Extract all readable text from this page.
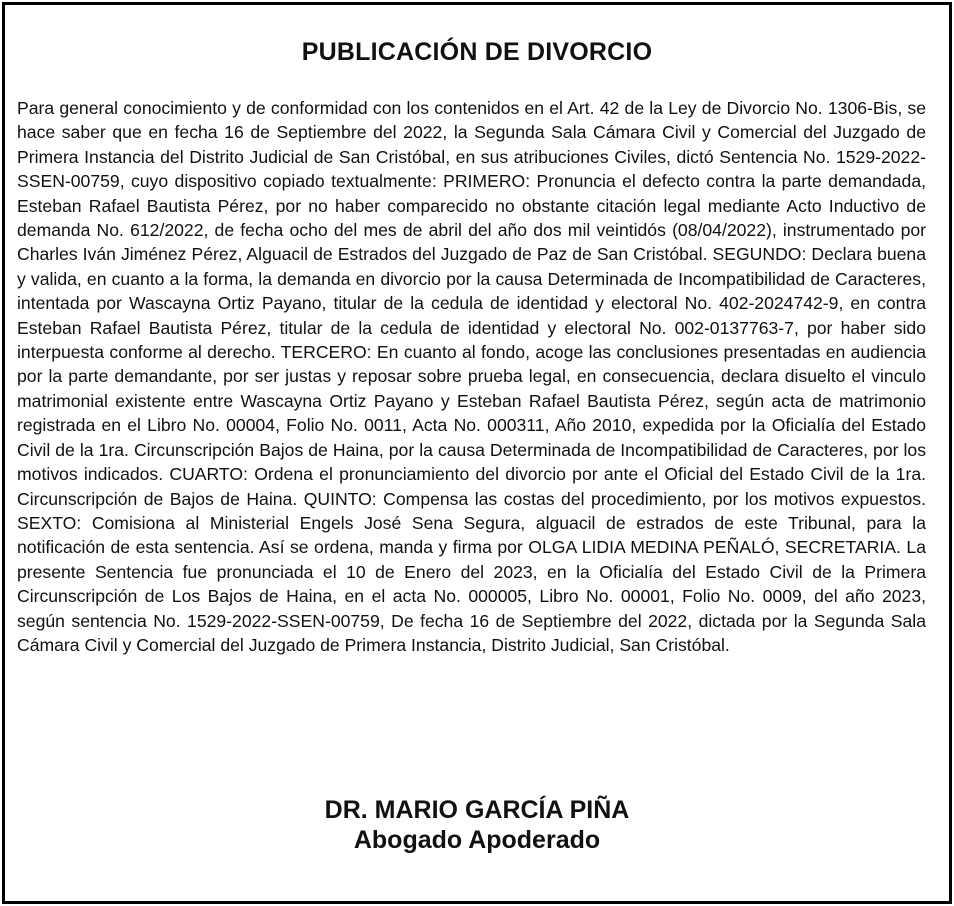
PUBLICACIÓN DE DIVORCIO

Para general conocimiento y de conformidad con los contenidos en el Art. 42 de la Ley de Divorcio No. 1306-Bis, se hace saber que en fecha 16 de Septiembre del 2022, la Segunda Sala Cámara Civil y Comercial del Juzgado de Primera Instancia del Distrito Judicial de San Cristóbal, en sus atribuciones Civiles, dictó Sentencia No. 1529-2022-SSEN-00759, cuyo dispositivo copiado textualmente: PRIMERO: Pronuncia el defecto contra la parte demandada, Esteban Rafael Bautista Pérez, por no haber comparecido no obstante citación legal mediante Acto Inductivo de demanda No. 612/2022, de fecha ocho del mes de abril del año dos mil veintidós (08/04/2022), instrumentado por Charles Iván Jiménez Pérez, Alguacil de Estrados del Juzgado de Paz de San Cristóbal. SEGUNDO: Declara buena y valida, en cuanto a la forma, la demanda en divorcio por la causa Determinada de Incompatibilidad de Caracteres, intentada por Wascayna Ortiz Payano, titular de la cedula de identidad y electoral No. 402-2024742-9, en contra Esteban Rafael Bautista Pérez, titular de la cedula de identidad y electoral No. 002-0137763-7, por haber sido interpuesta conforme al derecho. TERCERO: En cuanto al fondo, acoge las conclusiones presentadas en audiencia por la parte demandante, por ser justas y reposar sobre prueba legal, en consecuencia, declara disuelto el vinculo matrimonial existente entre Wascayna Ortiz Payano y Esteban Rafael Bautista Pérez, según acta de matrimonio registrada en el Libro No. 00004, Folio No. 0011, Acta No. 000311, Año 2010, expedida por la Oficialía del Estado Civil de la 1ra. Circunscripción Bajos de Haina, por la causa Determinada de Incompatibilidad de Caracteres, por los motivos indicados. CUARTO: Ordena el pronunciamiento del divorcio por ante el Oficial del Estado Civil de la 1ra. Circunscripción de Bajos de Haina. QUINTO: Compensa las costas del procedimiento, por los motivos expuestos. SEXTO: Comisiona al Ministerial Engels José Sena Segura, alguacil de estrados de este Tribunal, para la notificación de esta sentencia. Así se ordena, manda y firma por OLGA LIDIA MEDINA PEÑALÓ, SECRETARIA. La presente Sentencia fue pronunciada el 10 de Enero del 2023, en la Oficialía del Estado Civil de la Primera Circunscripción de Los Bajos de Haina, en el acta No. 000005, Libro No. 00001, Folio No. 0009, del año 2023, según sentencia No. 1529-2022-SSEN-00759, De fecha 16 de Septiembre del 2022, dictada por la Segunda Sala Cámara Civil y Comercial del Juzgado de Primera Instancia, Distrito Judicial, San Cristóbal.

DR. MARIO GARCÍA PIÑA
Abogado Apoderado
